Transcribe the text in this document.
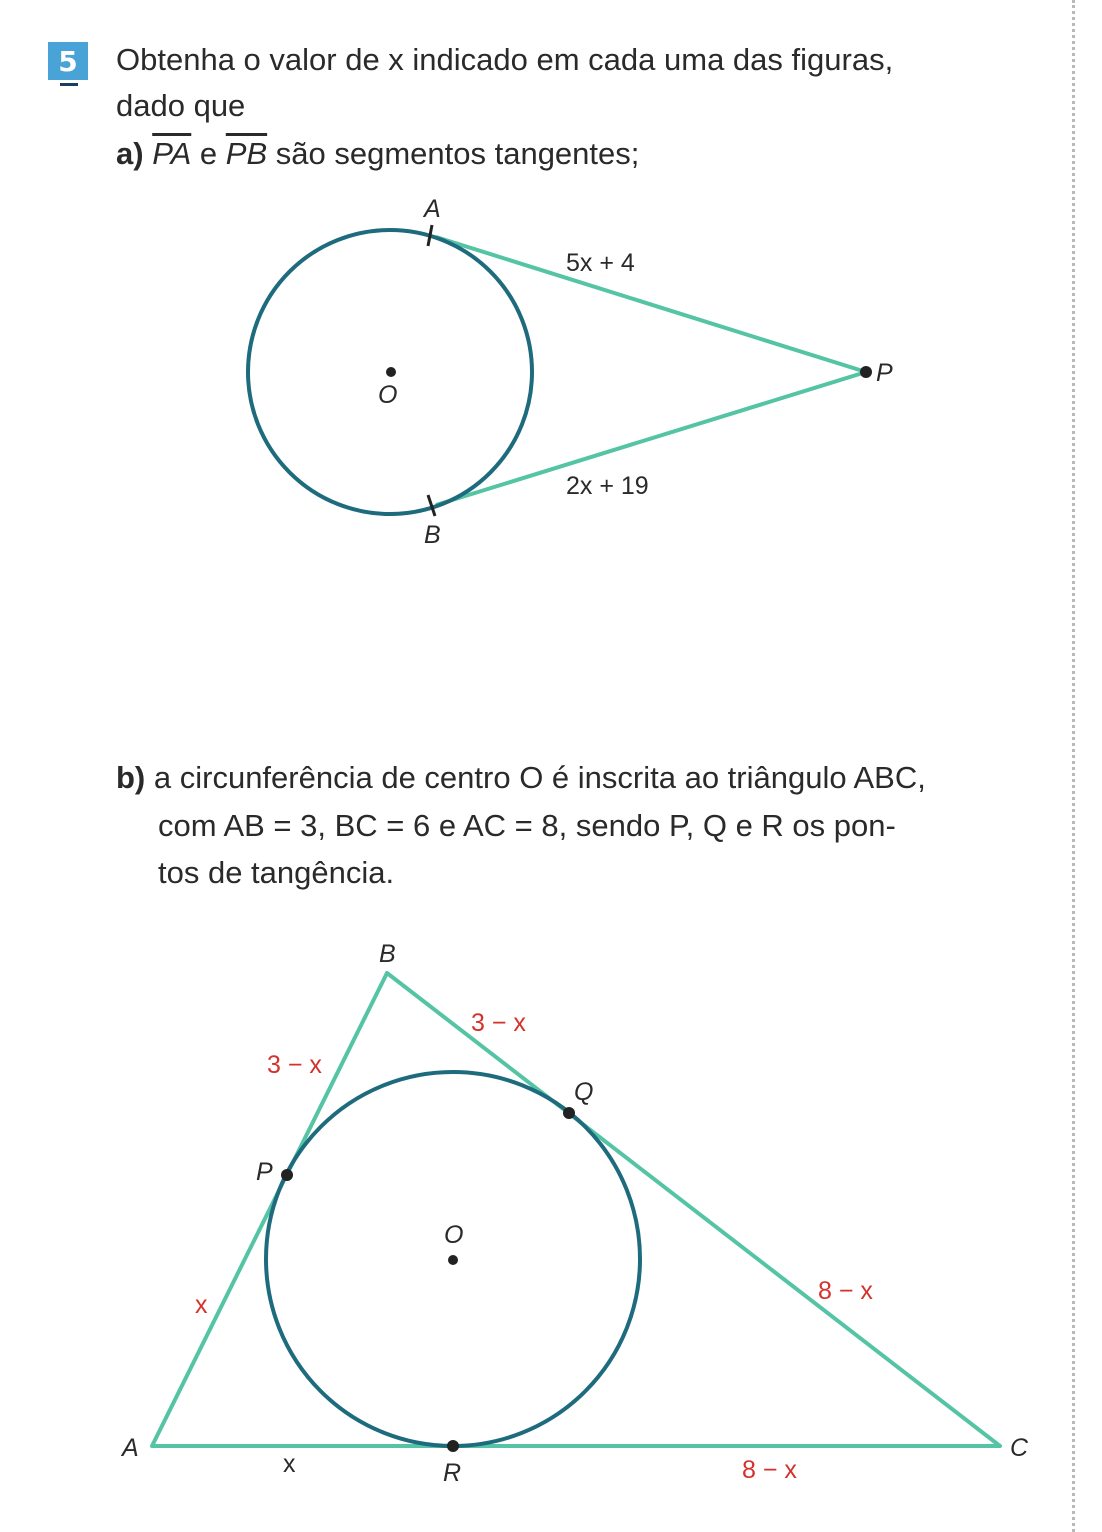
5 Obtenha o valor de x indicado em cada uma das figuras,
dado que
a) $\overline{PA}$ e $\overline{PB}$ são segmentos tangentes;
A
O
P
B
5x + 4
2x + 19
b) a circunferência de centro O é inscrita ao triângulo ABC,
com AB = 3, BC = 6 e AC = 8, sendo P, Q e R os pon-
tos de tangência.
B
A	C
O
P
Q
R
3 − x
3 − x
x	8 − x
x	8 − x
